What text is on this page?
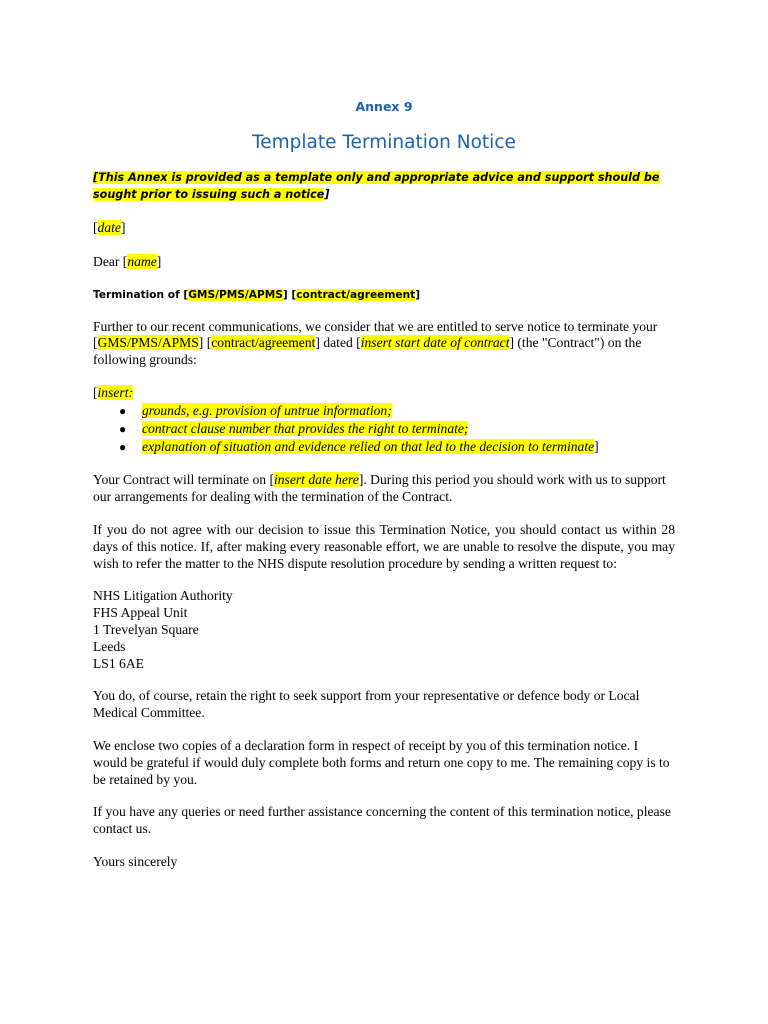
Annex 9
Template Termination Notice
[This Annex is provided as a template only and appropriate advice and support should be sought prior to issuing such a notice]
[date]
Dear [name]
Termination of [GMS/PMS/APMS] [contract/agreement]
Further to our recent communications, we consider that we are entitled to serve notice to terminate your [GMS/PMS/APMS] [contract/agreement] dated [insert start date of contract] (the "Contract") on the following grounds:
[insert:
● grounds, e.g. provision of untrue information;
● contract clause number that provides the right to terminate;
● explanation of situation and evidence relied on that led to the decision to terminate]
Your Contract will terminate on [insert date here]. During this period you should work with us to support our arrangements for dealing with the termination of the Contract.
If you do not agree with our decision to issue this Termination Notice, you should contact us within 28 days of this notice. If, after making every reasonable effort, we are unable to resolve the dispute, you may wish to refer the matter to the NHS dispute resolution procedure by sending a written request to:
NHS Litigation Authority
FHS Appeal Unit
1 Trevelyan Square
Leeds
LS1 6AE
You do, of course, retain the right to seek support from your representative or defence body or Local Medical Committee.
We enclose two copies of a declaration form in respect of receipt by you of this termination notice. I would be grateful if would duly complete both forms and return one copy to me. The remaining copy is to be retained by you.
If you have any queries or need further assistance concerning the content of this termination notice, please contact us.
Yours sincerely
